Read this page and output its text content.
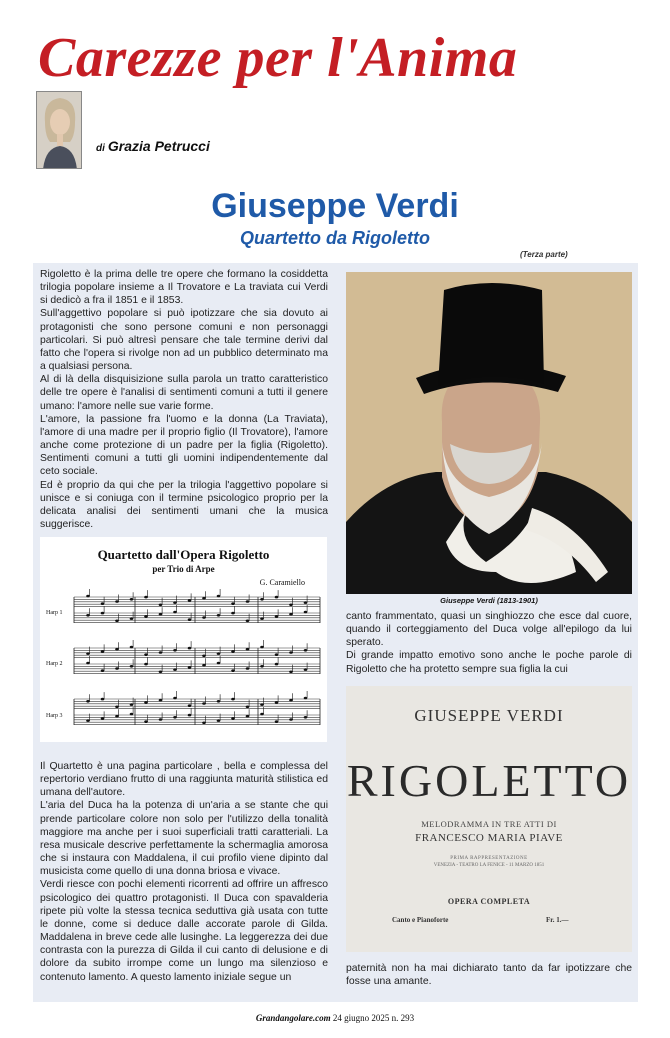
Carezze per l'Anima
di Grazia Petrucci
Giuseppe Verdi
Quartetto da Rigoletto
(Terza parte)

Rigoletto è la prima delle tre opere che formano la cosiddetta trilogia popolare insieme a Il Trovatore e La traviata cui Verdi si dedicò a fra il 1851 e il 1853.

Sull'aggettivo popolare si può ipotizzare che sia dovuto ai protagonisti che sono persone comuni e non personaggi particolari. Si può altresì pensare che tale termine derivi dal fatto che l'opera si rivolge non ad un pubblico determinato ma a qualsiasi persona.

Al di là della disquisizione sulla parola un tratto caratteristico delle tre opere è l'analisi di sentimenti comuni a tutti il genere umano: l'amore nelle sue varie forme.

L'amore, la passione fra l'uomo e la donna (La Traviata), l'amore di una madre per il proprio figlio (Il Trovatore), l'amore anche come protezione di un padre per la figlia (Rigoletto). Sentimenti comuni a tutti gli uomini indipendentemente dal ceto sociale.

Ed è proprio da qui che per la trilogia l'aggettivo popolare si unisce e si coniuga con il termine psicologico proprio per la delicata analisi dei sentimenti umani che la musica suggerisce.

Giuseppe Verdi (1813-1901)
Quartetto dall'Opera Rigoletto
per Trio di Arpe
G. Caramiello
Harp 1
Harp 2
Harp 3

canto frammentato, quasi un singhiozzo che esce dal cuore, quando il corteggiamento del Duca volge all'epilogo da lui sperato.

Di grande impatto emotivo sono anche le poche parole di Rigoletto che ha protetto sempre sua figlia la cui

GIUSEPPE VERDI
RIGOLETTO
MELODRAMMA IN TRE ATTI DI
FRANCESCO MARIA PIAVE
PRIMA RAPPRESENTAZIONE
VENEZIA - TEATRO LA FENICE - 11 MARZO 1851
OPERA COMPLETA
Canto e Pianoforte	Fr. 1.—

Il Quartetto è una pagina particolare , bella e complessa del repertorio verdiano frutto di una raggiunta maturità stilistica ed umana dell'autore.

L'aria del Duca ha la potenza di un'aria a se stante che qui prende particolare colore non solo per l'utilizzo della tonalità maggiore ma anche per i suoi superficiali tratti caratteriali. La resa musicale descrive perfettamente la schermaglia amorosa che si instaura con Maddalena, il cui profilo viene dipinto dal musicista come quello di una donna briosa e vivace.

Verdi riesce con pochi elementi ricorrenti ad offrire un affresco psicologico dei quattro protagonisti. Il Duca con spavalderia ripete più volte la stessa tecnica seduttiva già usata con tutte le donne, come si deduce dalle accorate parole di Gilda. Maddalena in breve cede alle lusinghe. La leggerezza dei due contrasta con la purezza di Gilda il cui canto di delusione e di dolore da subito irrompe come un lungo ma silenzioso e contenuto lamento. A questo lamento iniziale segue un

paternità non ha mai dichiarato tanto da far ipotizzare che fosse una amante.

Grandangolare.com 24 giugno 2025 n. 293
